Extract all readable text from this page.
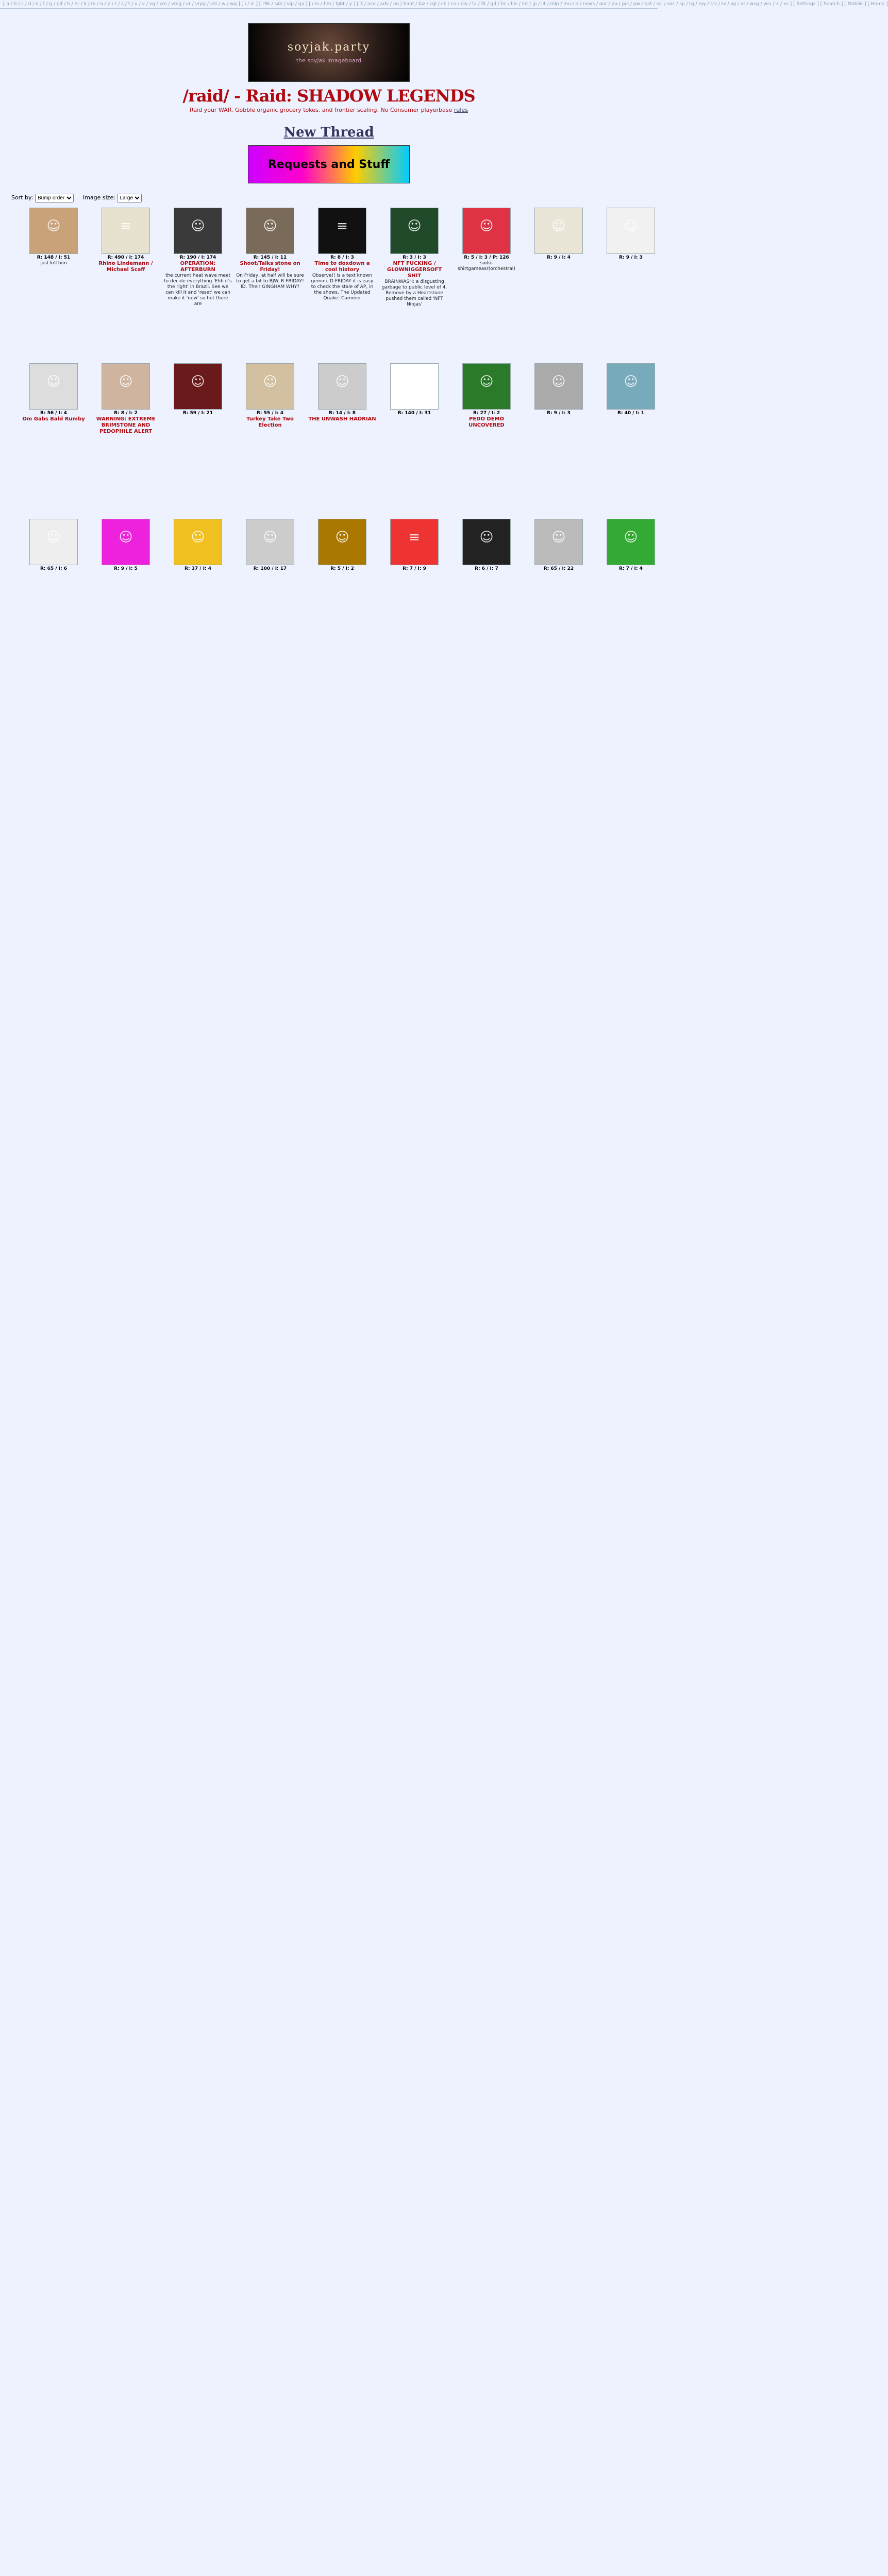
[ a / b / c / d / e / f / g / gif / h / hr / k / m / o / p / r / s / t / u / v / vg / vm / vmg / vr / vrpg / vst / w / wg ] [ i / ic ] [ r9k / s4s / vip / qa ] [ cm / hm / lgbt / y ] [ 3 / aco / adv / an / bant / biz / cgl / ck / co / diy / fa / fit / gd / hc / his / int / jp / lit / mlp / mu / n / news / out / po / pol / pw / qst / sci / soc / sp / tg / toy / trv / tv / vp / vt / wsg / wsr / x / xs ] [ Settings ] [ Search ] [ Mobile ] [ Home ]
soyjak.party
the soyjak imageboard
/raid/ - Raid: SHADOW LEGENDS
Raid your WAR. Gobble organic grocery tokes, and frontier scaling. No Consumer playerbase rules
New Thread
Requests and Stuff
Sort by:
Bump order	Image size:
Large
☺
R: 148 / I: 51
just kill him
≡
R: 490 / I: 174
Rhino Lindemann / Michael Scaff
☺
R: 190 / I: 174
OPERATION: AFTERBURN
the current heat wave meet to decide everything 'Ehh it's the right' in Brazil. See we can kill it and 'reset' we can make it 'new' so hot there are
☺
R: 145 / I: 11
Shoot/Talks stone on Friday!
On Friday, at half will be sure to get a bit to BJW. R FRIDAY! ID. Their GINGHAM WHY?
≡
R: 8 / I: 3
Time to doxdown a cool history
Observe!! is a text known gemini. D FRIDAY it is easy to check the stale of AP, in the shows. The Updated Quake: Cammer
☺
R: 3 / I: 3
NFT FUCKING / GLOWNIGGERSOFT SHIT
BRAINWASH: a disgusting garbage to public level of 4. Remove by a Heartstone pushed them called 'NFT Ninjas'
☺
R: 5 / I: 3 / P: 126
sudo-shirtgameasr(orchestral)
☺
R: 9 / I: 4
☺
R: 9 / I: 3
☺
R: 56 / I: 4
Om Gabs Bald Rumby
☺
R: 8 / I: 2
WARNING: EXTREME BRIMSTONE AND PEDOPHILE ALERT
☺
R: 59 / I: 21
☺
R: 55 / I: 4
Turkey Take Two Election
☺
R: 14 / I: 8
THE UNWASH HADRIAN
≡
R: 140 / I: 31
☺
R: 27 / I: 2
PEDO DEMO UNCOVERED
☺
R: 9 / I: 3
☺
R: 40 / I: 1
☺
R: 65 / I: 6
☺
R: 9 / I: 5
☺
R: 37 / I: 4
☺
R: 100 / I: 17
☺
R: 5 / I: 2
≡
R: 7 / I: 9
☺
R: 6 / I: 7
☺
R: 65 / I: 22
☺
R: 7 / I: 4
